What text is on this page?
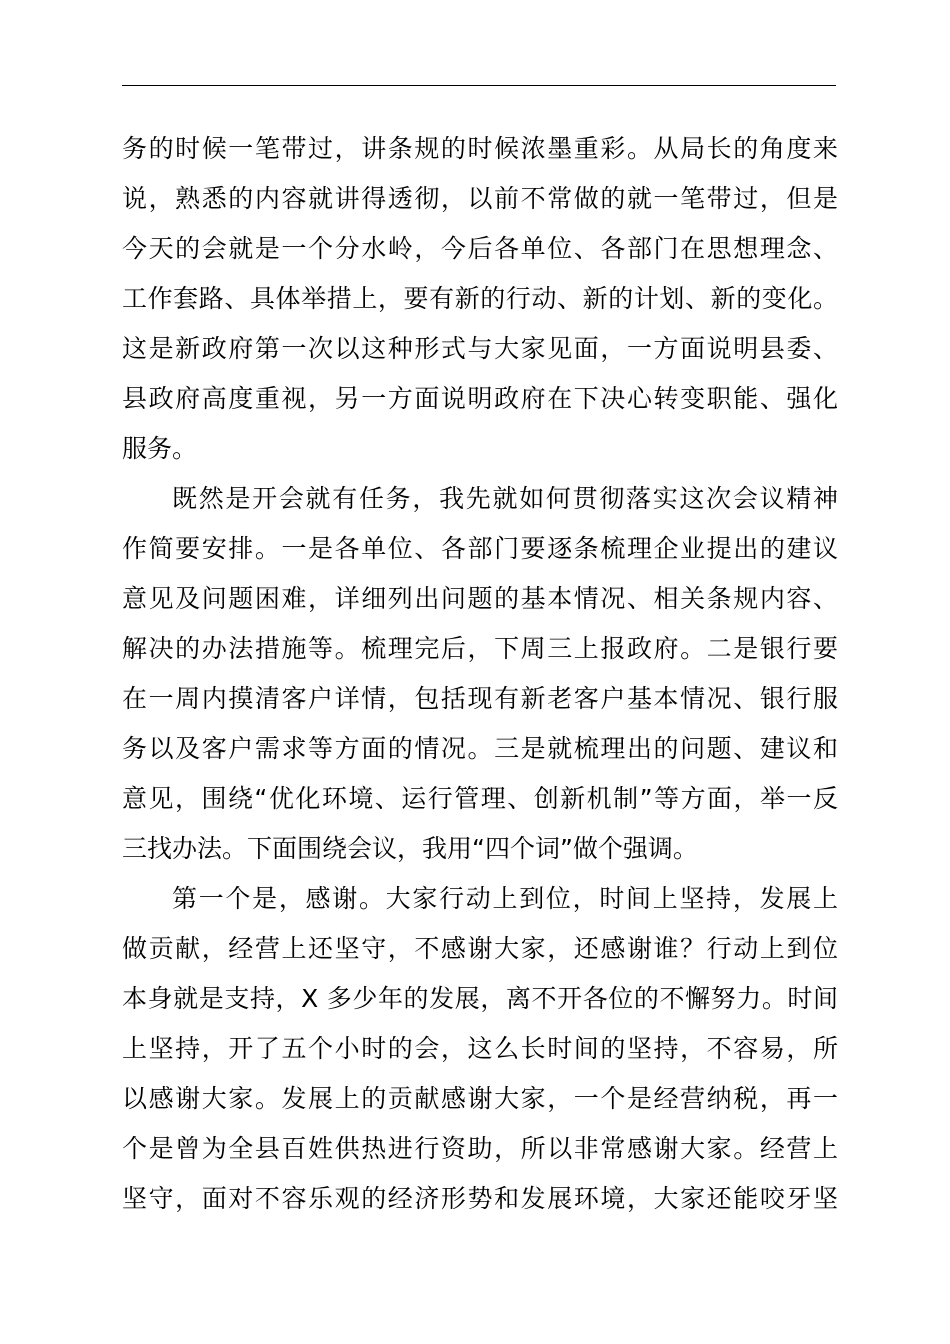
务的时候一笔带过，讲条规的时候浓墨重彩。从局长的角度来
说，熟悉的内容就讲得透彻，以前不常做的就一笔带过，但是
今天的会就是一个分水岭，今后各单位、各部门在思想理念、
工作套路、具体举措上，要有新的行动、新的计划、新的变化。
这是新政府第一次以这种形式与大家见面，一方面说明县委、
县政府高度重视，另一方面说明政府在下决心转变职能、强化
服务。
既然是开会就有任务，我先就如何贯彻落实这次会议精神
作简要安排。一是各单位、各部门要逐条梳理企业提出的建议
意见及问题困难，详细列出问题的基本情况、相关条规内容、
解决的办法措施等。梳理完后，下周三上报政府。二是银行要
在一周内摸清客户详情，包括现有新老客户基本情况、银行服
务以及客户需求等方面的情况。三是就梳理出的问题、建议和
意见，围绕“优化环境、运行管理、创新机制”等方面，举一反
三找办法。下面围绕会议，我用“四个词”做个强调。
第一个是，感谢。大家行动上到位，时间上坚持，发展上
做贡献，经营上还坚守，不感谢大家，还感谢谁？行动上到位
本身就是支持，X 多少年的发展，离不开各位的不懈努力。时间
上坚持，开了五个小时的会，这么长时间的坚持，不容易，所
以感谢大家。发展上的贡献感谢大家，一个是经营纳税，再一
个是曾为全县百姓供热进行资助，所以非常感谢大家。经营上
坚守，面对不容乐观的经济形势和发展环境，大家还能咬牙坚
